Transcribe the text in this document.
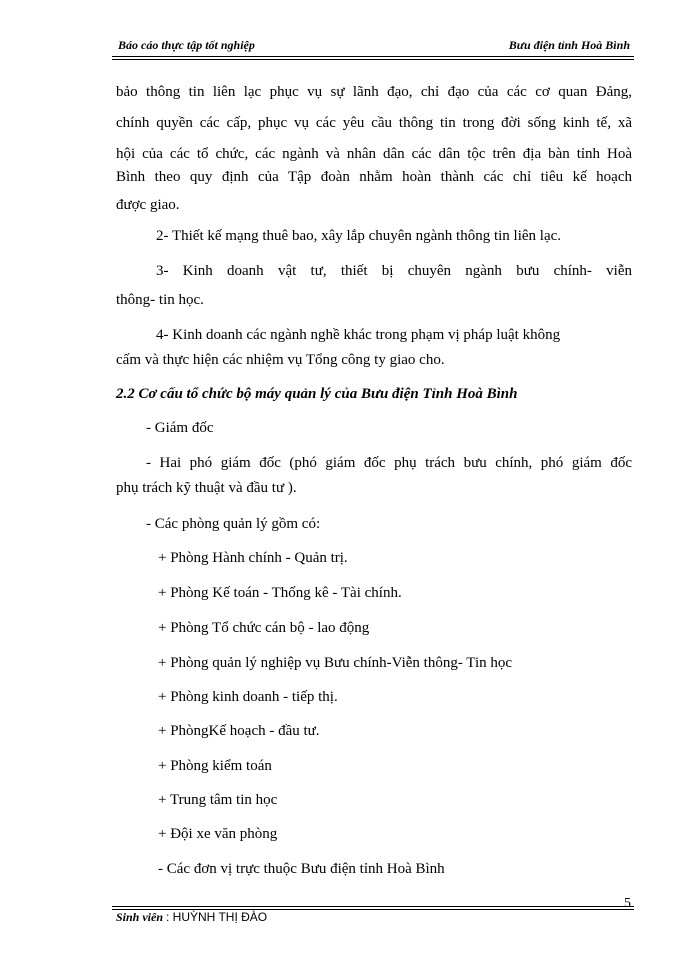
Báo cáo thực tập tốt nghiệp	Bưu điện tỉnh Hoà Bình
bảo thông tin liên lạc phục vụ sự lãnh đạo, chỉ đạo của các cơ quan Đảng,
chính quyền các cấp, phục vụ các yêu cầu thông tin trong đời sống kinh tế, xã
hội của các tổ chức, các ngành và nhân dân các dân tộc trên địa bàn tỉnh Hoà
Bình theo quy định của Tập đoàn nhằm hoàn thành các chỉ tiêu kế hoạch
được giao.
2- Thiết kế mạng thuê bao, xây lắp chuyên ngành thông tin liên lạc.
3- Kinh doanh vật tư, thiết bị chuyên ngành bưu chính- viễn
thông- tin học.
4- Kinh doanh các ngành nghề khác trong phạm vị pháp luật không
cấm và thực hiện các nhiệm vụ Tổng công ty giao cho.
2.2 Cơ cấu tổ chức bộ máy quản lý của Bưu điện Tỉnh Hoà Bình
- Giám đốc
- Hai phó giám đốc (phó giám đốc phụ trách bưu chính, phó giám đốc
phụ trách kỹ thuật và đầu tư ).
- Các phòng quản lý gồm có:
+ Phòng Hành chính - Quản trị.
+ Phòng Kế toán - Thống kê - Tài chính.
+ Phòng Tổ chức cán bộ - lao động
+ Phòng quản lý nghiệp vụ Bưu chính-Viễn thông- Tin học
+ Phòng kinh doanh - tiếp thị.
+ PhòngKế hoạch - đầu tư.
+ Phòng kiểm toán
+ Trung tâm tin học
+ Đội xe văn phòng
- Các đơn vị trực thuộc Bưu điện tỉnh Hoà Bình
5
Sinh viên : HUỲNH THỊ ĐÀO
